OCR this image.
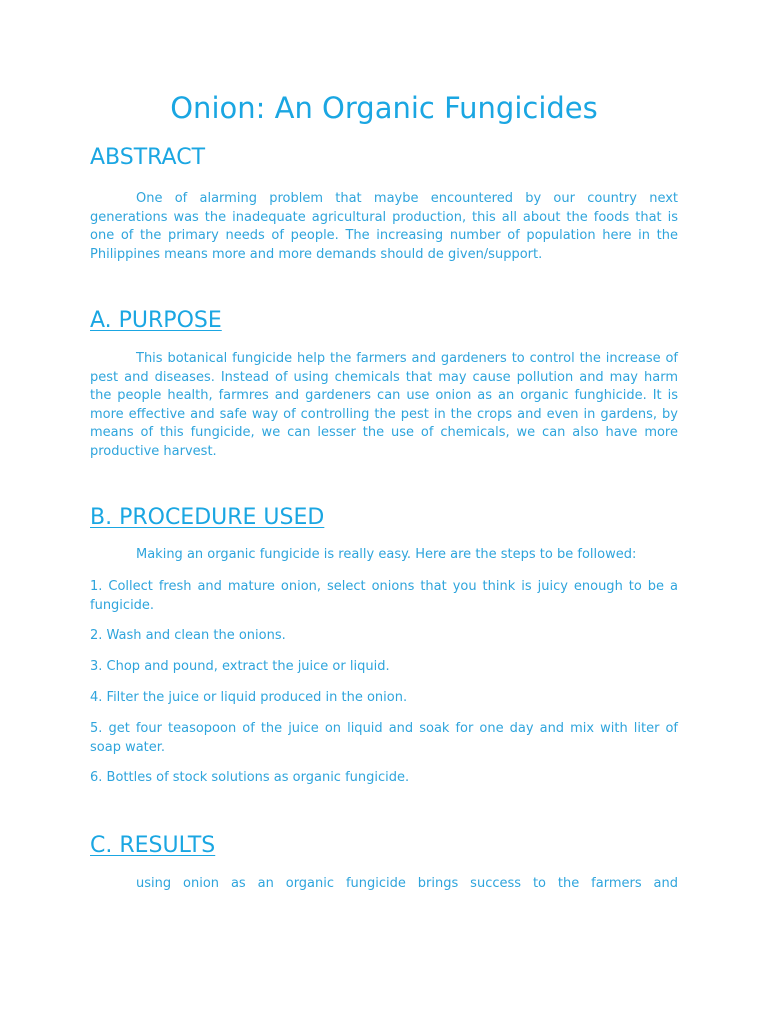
Onion: An Organic Fungicides
ABSTRACT

One of alarming problem that maybe encountered by our country next generations was the inadequate agricultural production, this all about the foods that is one of the primary needs of people. The increasing number of population here in the Philippines means more and more demands should de given/support.

A. PURPOSE

This botanical fungicide help the farmers and gardeners to control the increase of pest and diseases. Instead of using chemicals that may cause pollution and may harm the people health, farmres and gardeners can use onion as an organic funghicide. It is more effective and safe way of controlling the pest in the crops and even in gardens, by means of this fungicide, we can lesser the use of chemicals, we can also have more productive harvest.

B. PROCEDURE USED

Making an organic fungicide is really easy. Here are the steps to be followed:

1. Collect fresh and mature onion, select onions that you think is juicy enough to be a fungicide.

2. Wash and clean the onions.

3. Chop and pound, extract the juice or liquid.

4. Filter the juice or liquid produced in the onion.

5. get four teasopoon of the juice on liquid and soak for one day and mix with liter of soap water.

6. Bottles of stock solutions as organic fungicide.

C. RESULTS

using onion as an organic fungicide brings success to the farmers and
